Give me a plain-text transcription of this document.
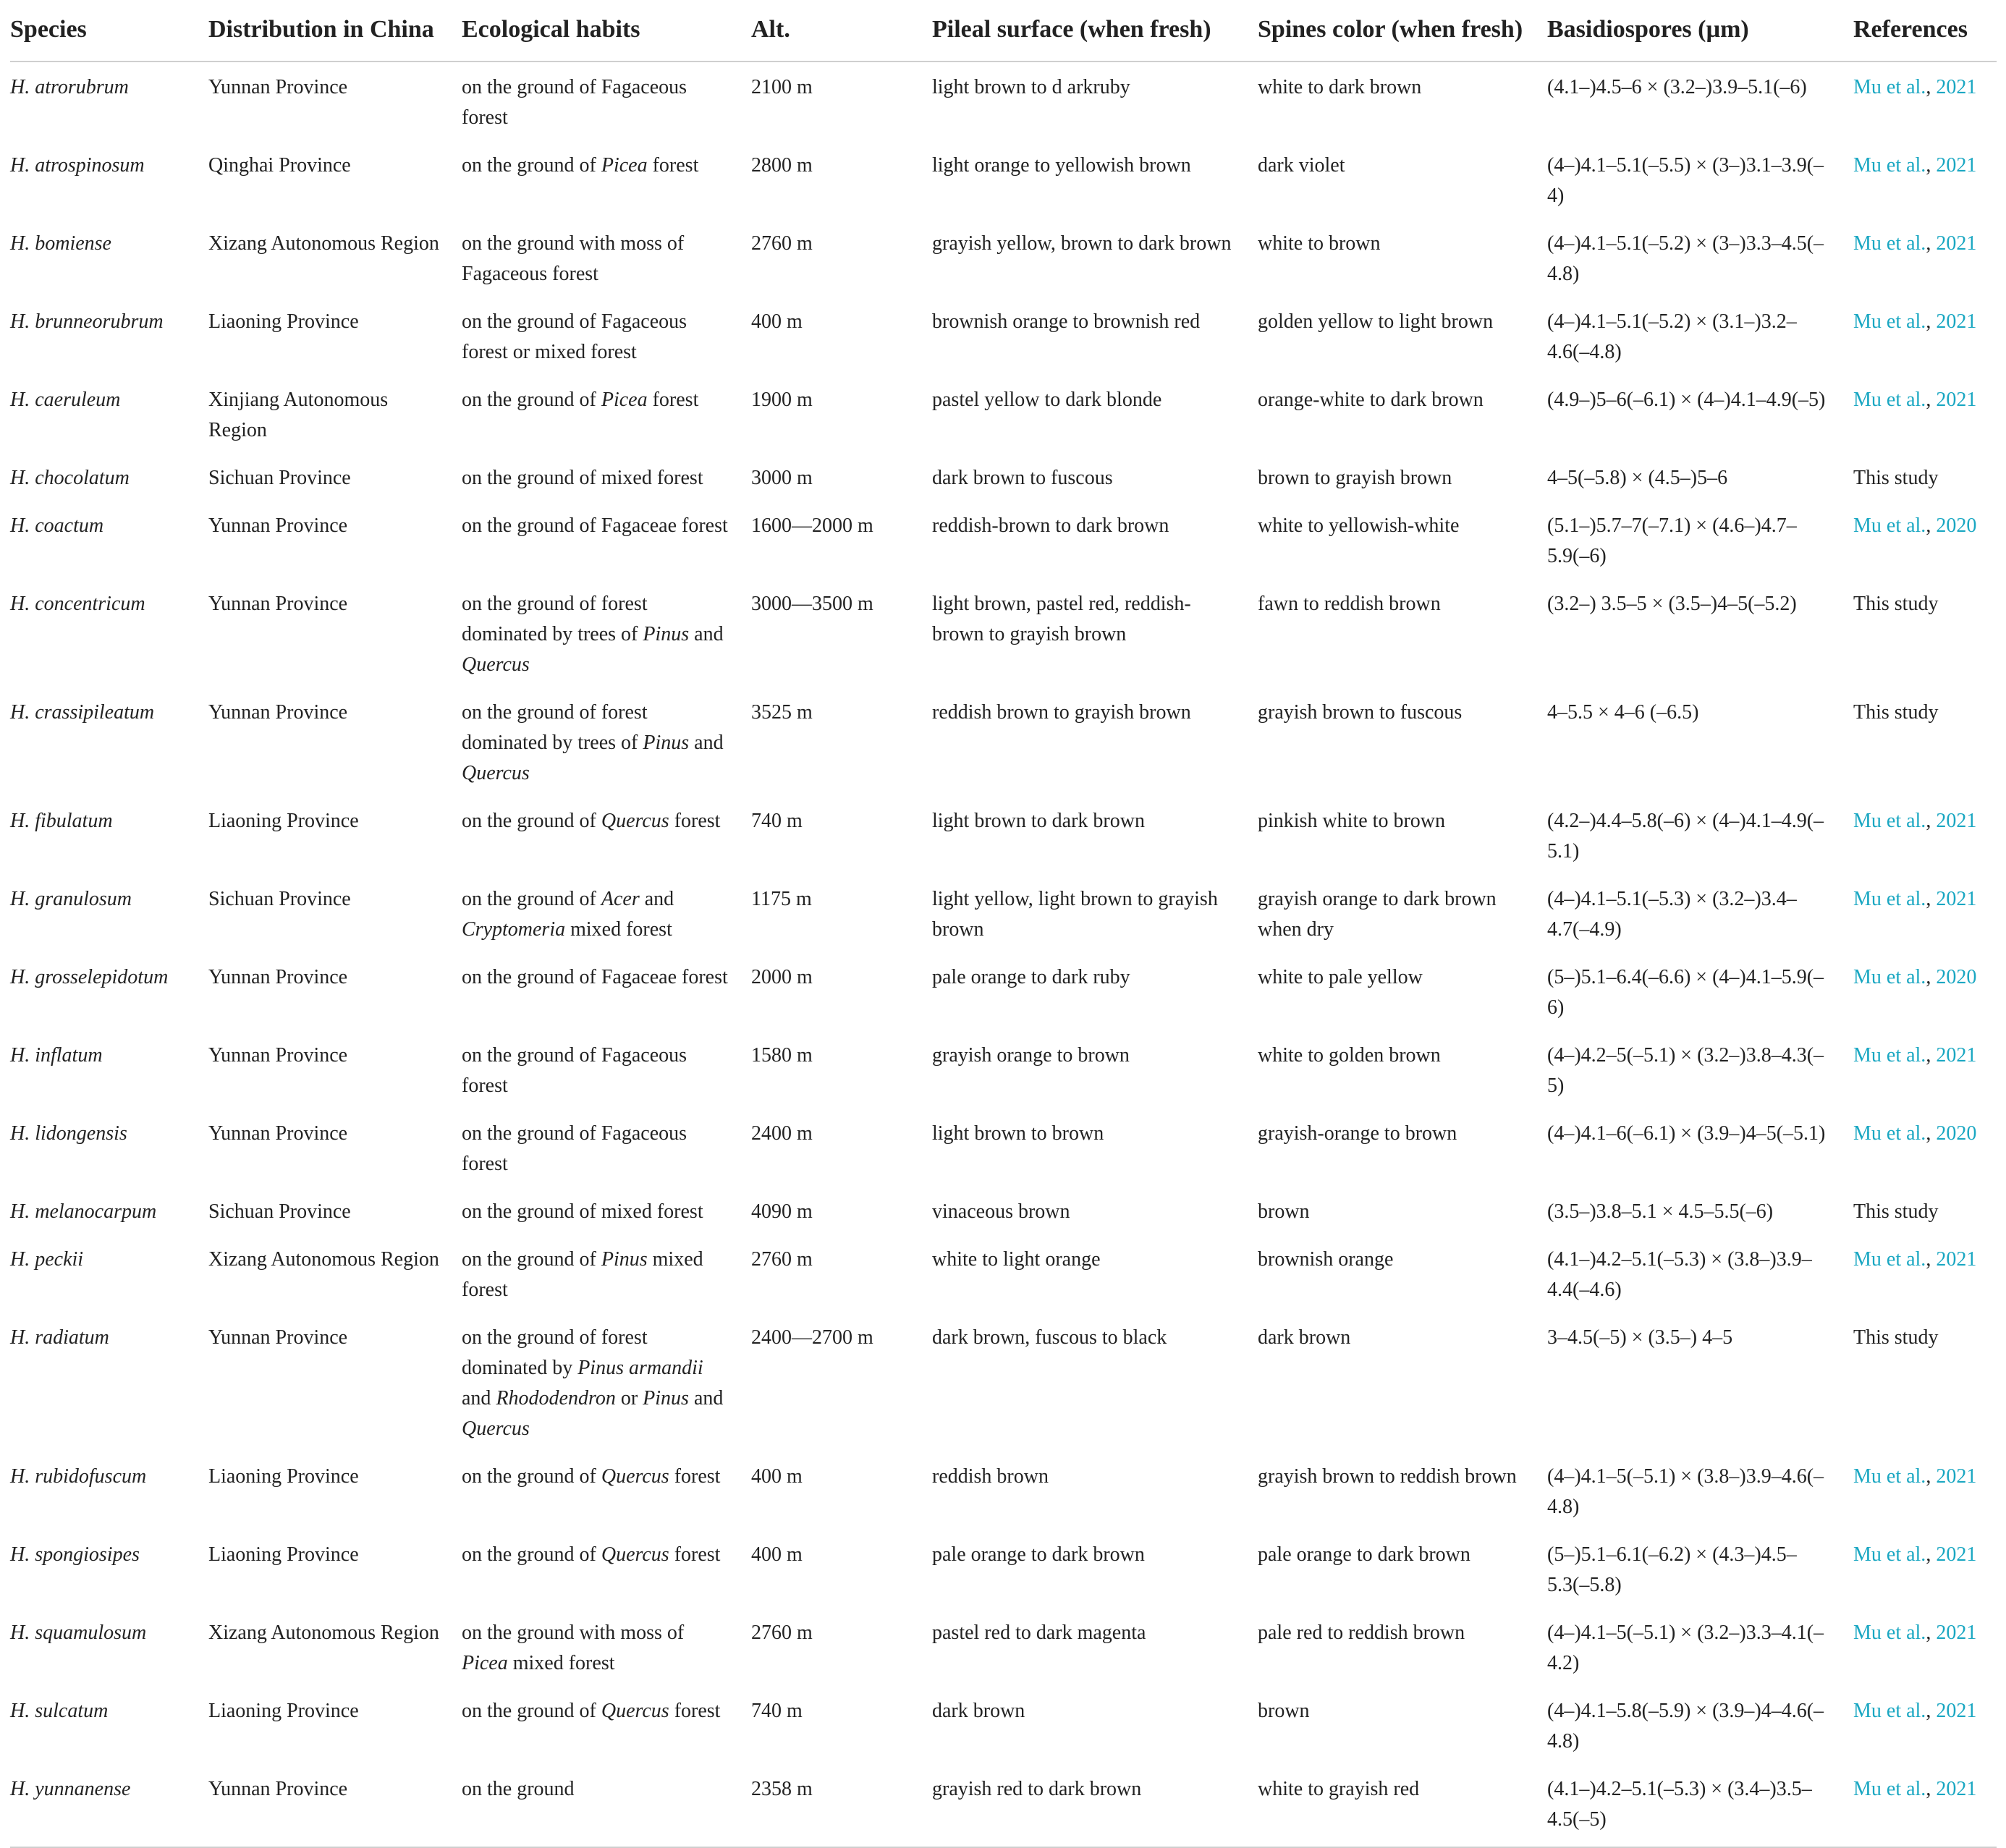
Species	Distribution in China	Ecological habits	Alt.	Pileal surface (when fresh)	Spines color (when fresh)	Basidiospores (µm)	References
H. atrorubrum	Yunnan Province	on the ground of Fagaceous forest	2100 m	light brown to d arkruby	white to dark brown	(4.1–)4.5–6 × (3.2–)3.9–5.1(–6)	Mu et al., 2021
H. atrospinosum	Qinghai Province	on the ground of Picea forest	2800 m	light orange to yellowish brown	dark violet	(4–)4.1–5.1(–5.5) × (3–)3.1–3.9(–4)	Mu et al., 2021
H. bomiense	Xizang Autonomous Region	on the ground with moss of Fagaceous forest	2760 m	grayish yellow, brown to dark brown	white to brown	(4–)4.1–5.1(–5.2) × (3–)3.3–4.5(–4.8)	Mu et al., 2021
H. brunneorubrum	Liaoning Province	on the ground of Fagaceous forest or mixed forest	400 m	brownish orange to brownish red	golden yellow to light brown	(4–)4.1–5.1(–5.2) × (3.1–)3.2–4.6(–4.8)	Mu et al., 2021
H. caeruleum	Xinjiang Autonomous Region	on the ground of Picea forest	1900 m	pastel yellow to dark blonde	orange-white to dark brown	(4.9–)5–6(–6.1) × (4–)4.1–4.9(–5)	Mu et al., 2021
H. chocolatum	Sichuan Province	on the ground of mixed forest	3000 m	dark brown to fuscous	brown to grayish brown	4–5(–5.8) × (4.5–)5–6	This study
H. coactum	Yunnan Province	on the ground of Fagaceae forest	1600—2000 m	reddish-brown to dark brown	white to yellowish-white	(5.1–)5.7–7(–7.1) × (4.6–)4.7–5.9(–6)	Mu et al., 2020
H. concentricum	Yunnan Province	on the ground of forest dominated by trees of Pinus and Quercus	3000—3500 m	light brown, pastel red, reddish-brown to grayish brown	fawn to reddish brown	(3.2–) 3.5–5 × (3.5–)4–5(–5.2)	This study
H. crassipileatum	Yunnan Province	on the ground of forest dominated by trees of Pinus and Quercus	3525 m	reddish brown to grayish brown	grayish brown to fuscous	4–5.5 × 4–6 (–6.5)	This study
H. fibulatum	Liaoning Province	on the ground of Quercus forest	740 m	light brown to dark brown	pinkish white to brown	(4.2–)4.4–5.8(–6) × (4–)4.1–4.9(–5.1)	Mu et al., 2021
H. granulosum	Sichuan Province	on the ground of Acer and Cryptomeria mixed forest	1175 m	light yellow, light brown to grayish brown	grayish orange to dark brown when dry	(4–)4.1–5.1(–5.3) × (3.2–)3.4–4.7(–4.9)	Mu et al., 2021
H. grosselepidotum	Yunnan Province	on the ground of Fagaceae forest	2000 m	pale orange to dark ruby	white to pale yellow	(5–)5.1–6.4(–6.6) × (4–)4.1–5.9(–6)	Mu et al., 2020
H. inflatum	Yunnan Province	on the ground of Fagaceous forest	1580 m	grayish orange to brown	white to golden brown	(4–)4.2–5(–5.1) × (3.2–)3.8–4.3(–5)	Mu et al., 2021
H. lidongensis	Yunnan Province	on the ground of Fagaceous forest	2400 m	light brown to brown	grayish-orange to brown	(4–)4.1–6(–6.1) × (3.9–)4–5(–5.1)	Mu et al., 2020
H. melanocarpum	Sichuan Province	on the ground of mixed forest	4090 m	vinaceous brown	brown	(3.5–)3.8–5.1 × 4.5–5.5(–6)	This study
H. peckii	Xizang Autonomous Region	on the ground of Pinus mixed forest	2760 m	white to light orange	brownish orange	(4.1–)4.2–5.1(–5.3) × (3.8–)3.9–4.4(–4.6)	Mu et al., 2021
H. radiatum	Yunnan Province	on the ground of forest dominated by Pinus armandii and Rhododendron or Pinus and Quercus	2400—2700 m	dark brown, fuscous to black	dark brown	3–4.5(–5) × (3.5–) 4–5	This study
H. rubidofuscum	Liaoning Province	on the ground of Quercus forest	400 m	reddish brown	grayish brown to reddish brown	(4–)4.1–5(–5.1) × (3.8–)3.9–4.6(–4.8)	Mu et al., 2021
H. spongiosipes	Liaoning Province	on the ground of Quercus forest	400 m	pale orange to dark brown	pale orange to dark brown	(5–)5.1–6.1(–6.2) × (4.3–)4.5–5.3(–5.8)	Mu et al., 2021
H. squamulosum	Xizang Autonomous Region	on the ground with moss of Picea mixed forest	2760 m	pastel red to dark magenta	pale red to reddish brown	(4–)4.1–5(–5.1) × (3.2–)3.3–4.1(–4.2)	Mu et al., 2021
H. sulcatum	Liaoning Province	on the ground of Quercus forest	740 m	dark brown	brown	(4–)4.1–5.8(–5.9) × (3.9–)4–4.6(–4.8)	Mu et al., 2021
H. yunnanense	Yunnan Province	on the ground	2358 m	grayish red to dark brown	white to grayish red	(4.1–)4.2–5.1(–5.3) × (3.4–)3.5–4.5(–5)	Mu et al., 2021
